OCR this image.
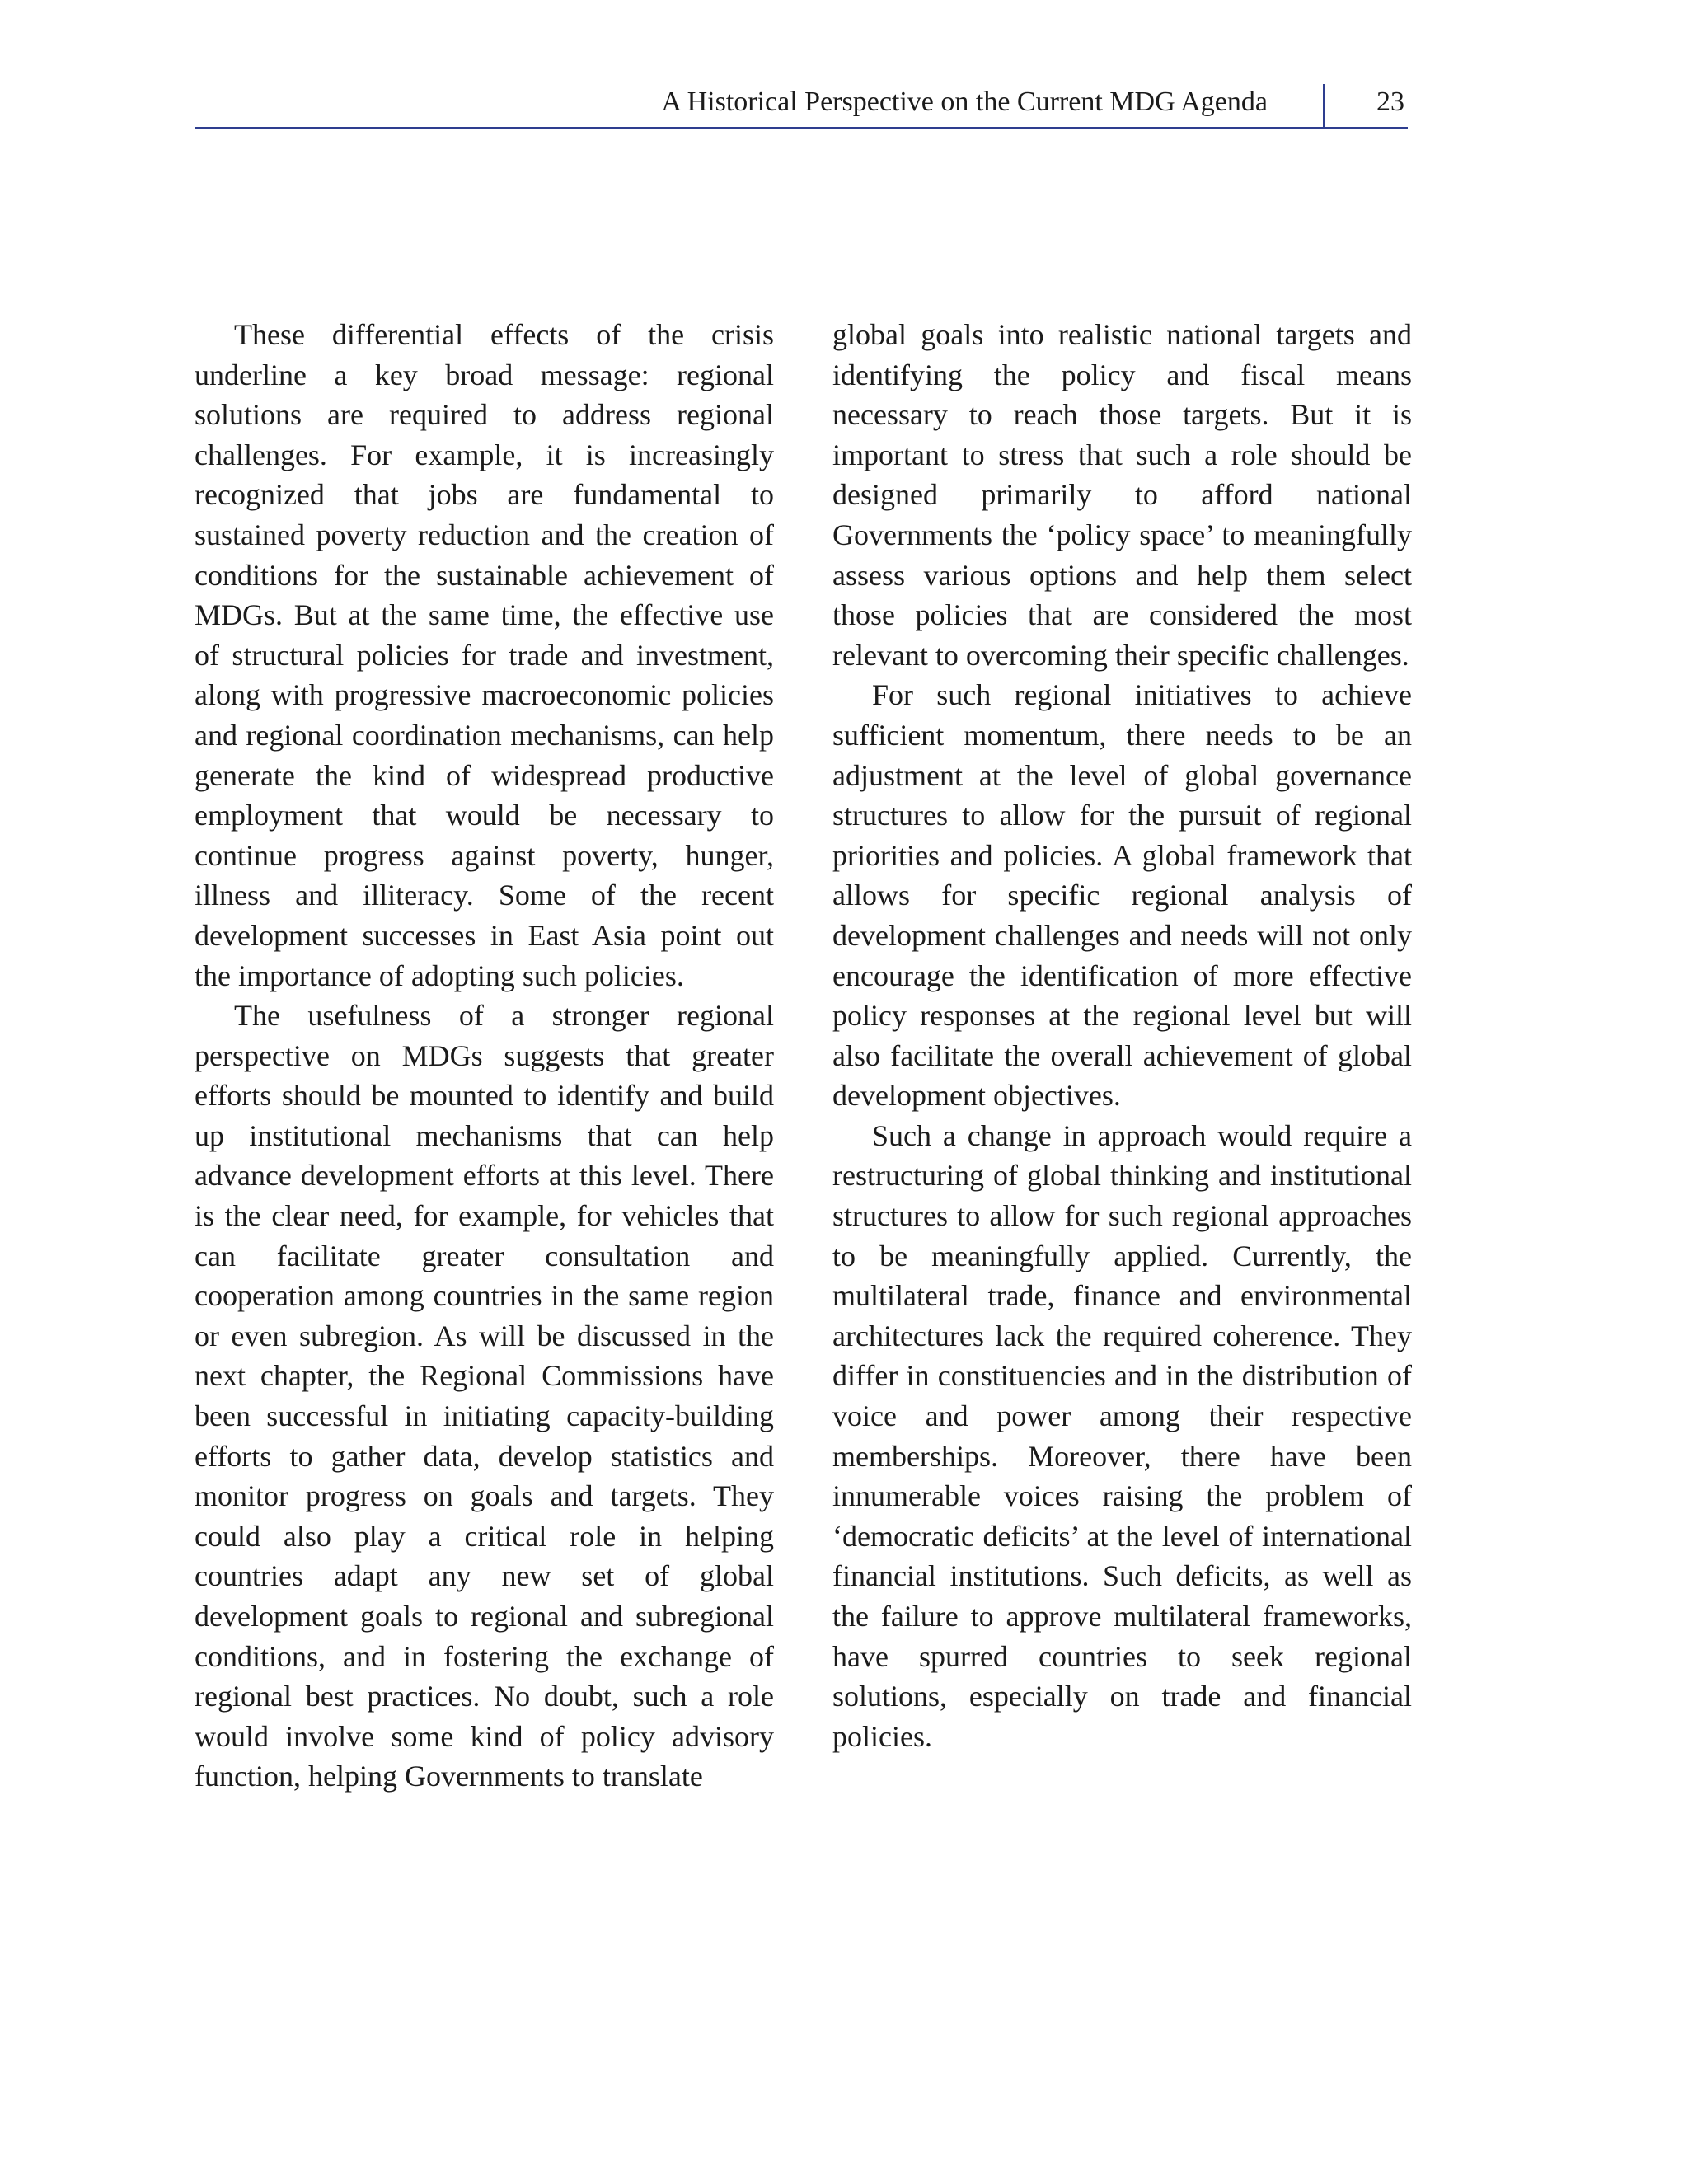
A Historical Perspective on the Current MDG Agenda	23

These differential effects of the crisis underline a key broad message: regional solutions are required to address regional challenges. For example, it is increasingly recognized that jobs are fundamental to sustained poverty reduction and the creation of conditions for the sustainable achievement of MDGs. But at the same time, the effective use of structural policies for trade and investment, along with progressive macroeconomic policies and regional coordination mechanisms, can help generate the kind of widespread productive employment that would be necessary to continue progress against poverty, hunger, illness and illiteracy. Some of the recent development successes in East Asia point out the importance of adopting such policies.

The usefulness of a stronger regional perspective on MDGs suggests that greater efforts should be mounted to identify and build up institutional mechanisms that can help advance development efforts at this level. There is the clear need, for example, for vehicles that can facilitate greater consultation and cooperation among countries in the same region or even subregion. As will be discussed in the next chapter, the Regional Commissions have been successful in initiating capacity-building efforts to gather data, develop statistics and monitor progress on goals and targets. They could also play a critical role in helping countries adapt any new set of global development goals to regional and subregional conditions, and in fostering the exchange of regional best practices. No doubt, such a role would involve some kind of policy advisory function, helping Governments to translate

global goals into realistic national targets and identifying the policy and fiscal means necessary to reach those targets. But it is important to stress that such a role should be designed primarily to afford national Governments the ‘policy space’ to meaningfully assess various options and help them select those policies that are considered the most relevant to overcoming their specific challenges.

For such regional initiatives to achieve sufficient momentum, there needs to be an adjustment at the level of global governance structures to allow for the pursuit of regional priorities and policies. A global framework that allows for specific regional analysis of development challenges and needs will not only encourage the identification of more effective policy responses at the regional level but will also facilitate the overall achievement of global development objectives.

Such a change in approach would require a restructuring of global thinking and institutional structures to allow for such regional approaches to be meaningfully applied. Currently, the multilateral trade, finance and environmental architectures lack the required coherence. They differ in constituencies and in the distribution of voice and power among their respective memberships. Moreover, there have been innumerable voices raising the problem of ‘democratic deficits’ at the level of international financial institutions. Such deficits, as well as the failure to approve multilateral frameworks, have spurred countries to seek regional solutions, especially on trade and financial policies.
